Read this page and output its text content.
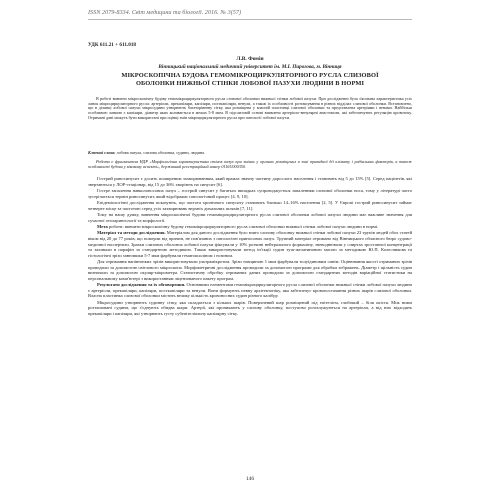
ISSN 2079-8334. Світ медицини та біології. 2016. № 3(57)
УДК 611.21 + 611.018
Л.В. Фомін
Вінницький національний медичний університет ім. М.І. Пирогова, м. Вінниця
МІКРОСКОПІЧНА БУДОВА ГЕМОМІКРОЦИРКУЛЯТОРНОГО РУСЛА СЛИЗОВОЇ ОБОЛОНКИ НИЖНЬОЇ СТІНКИ ЛОБОВОЇ ПАЗУХИ ЛЮДИНИ В НОРМІ

В роботі вивчено мікроскопічну будову гемомікроциркуляторного русла слизової оболонки нижньої стінки лобової пазухи. При дослідженні була з'ясована характеристика усіх ланок мікроциркуляторного русла: артеріоли, прекапіляри, капіляри, посткапіляри, венули, а також їх особливості розташування в різних відділах слизової оболонки. Встановлено, що в ділянці лобової пазухи мікросудини утворюють багаторівневу сітку, яка розміщена у власній пластинці слизової оболонки та представлена артеріями і венами. Найбільш особливою ланкою є капіляри, діаметр яких коливається в межах 5-8 мкм. В підслизовій основі виявлено артеріоло-венулярні анастомози, які забезпечують регуляцію кровотоку. Отримані дані можуть бути використані при оцінці змін мікроциркуляторного русла при патології лобової пазухи.

Ключові слова: лобова пазуха, слизова оболонка, судини, людина.

Робота є фрагментом НДР «Морфологічна характеристика стінок пазух при змінах у органах розміщених в зоні привидної дії клімату і радіальних факторів, а також особливості будови у віковому аспекті», державний реєстраційний номер 0116U000350.

Гострий риносинусит є досить поширеним захворюванням, який вражає значну частину дорослого населення і становить від 5 до 15% [5]. Серед пацієнтів, які звертаються у ЛОР-стаціонар, від 15 до 36% хворіють на синусит [6].

Гостре запалення навколоносових пазух – гострий синусит у багатьох випадках супроводжується запаленням слизової оболонки носа, тому у літературі часто зустрічається термін риносинусит, який відображає патологічний процес [4, 9, 10].

Епідеміологічні дослідження показують, що частота хронічного синуситу становить близько 14–16% населення [2, 5]. У Європі гострий риносинусит займає четверте місце за частотою серед усіх захворювань верхніх дихальних шляхів [7, 11].

Тому на нашу думку, вивчення мікроскопічної будови гемомікроциркуляторного русла слизової оболонки лобової пазухи людини має важливе значення для сучасної отоларингології та морфології.

Мета роботи: вивчити мікроскопічну будову гемомікроциркуляторного русла слизової оболонки нижньої стінки лобової пазухи людини в нормі.

Матеріал та методи дослідження. Матеріалом для даного дослідження було взято слизову оболонку нижньої стінки лобової пазухи 23 трупів людей обох статей віком від 20 до 77 років, що померли від причин, не пов'язаних з патологією приносових пазух. Трупний матеріал отримано від Вінницького обласного бюро судово-медичної експертизи. Зразки слизових оболонок лобової пазухи фіксували у 10% розчині нейтрального формаліну, зневоднювали у спиртах зростаючої концентрації та заливали в парафін за стандартною методикою. Також використовували метод ін'єкції судин туш-желатиновою масою за методикою Ю.П. Колесникова та гістологічні зрізи завтовшки 5-7 мкм фарбували гематоксиліном і еозином.

Для отримання напівтонких зрізів використовували ультрамікротом. Зрізи товщиною 1 мкм фарбували толуїдиновим синім. Оцінювання якості отриманих зрізів проводили за допомогою світлового мікроскопа. Морфометричні дослідження проводили за допомогою програми для обробки зображень. Діаметр і щільність судин визначали за допомогою окуляр-мікрометра. Статистичну обробку отриманих даних проводили за допомогою стандартних методів варіаційної статистики на персональному комп'ютері з використанням ліцензованого пакету програм.

Результати дослідження та їх обговорення. Основними елементами гемомікроциркуляторного русла слизової оболонки нижньої стінки лобової пазухи людини є артеріоли, прекапіляри, капіляри, посткапіляри та венули. Вони формують певну архітектоніку, яка забезпечує кровопостачання різних шарів слизової оболонки. Власна пластинка слизової оболонки містить велику кількість кровоносних судин різного калібру.

Мікросудини утворюють судинну сітку, яка складається з кількох шарів. Поверхневий шар розміщений під епітелієм, глибокий – біля окістя. Між ними розташовані судини, що з'єднують обидва шари. Артерії, які проникають у слизову оболонку, поступово розгалужуються на артеріоли, а від них відходять прекапіляри і капіляри, які утворюють густу субепітеліальну капілярну сітку.

146
